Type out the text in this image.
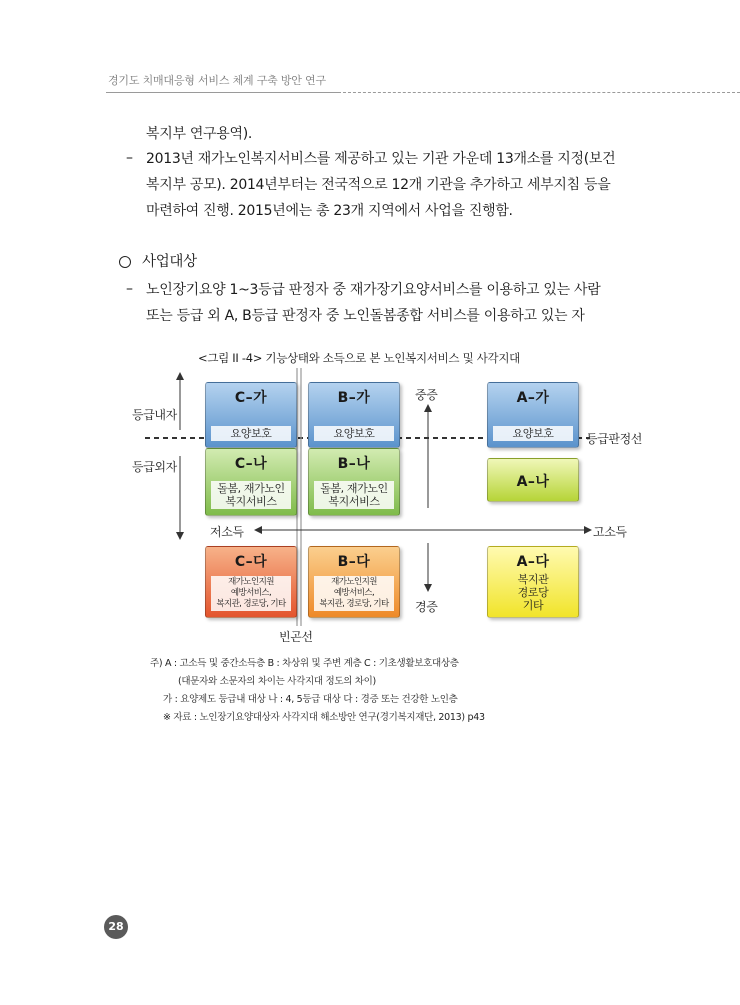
경기도 치매대응형 서비스 체계 구축 방안 연구
복지부 연구용역).
– 2013년 재가노인복지서비스를 제공하고 있는 기관 가운데 13개소를 지정(보건
복지부 공모). 2014년부터는 전국적으로 12개 기관을 추가하고 세부지침 등을
마련하여 진행. 2015년에는 총 23개 지역에서 사업을 진행함.
사업대상
– 노인장기요양 1~3등급 판정자 중 재가장기요양서비스를 이용하고 있는 사람
또는 등급 외 A, B등급 판정자 중 노인돌봄종합 서비스를 이용하고 있는 자
<그림 II -4> 기능상태와 소득으로 본 노인복지서비스 및 사각지대
등급내자
등급외자
등급판정선
저소득	고소득
중증
경증
빈곤선
C–가
요양보호
B–가
요양보호
A–가
요양보호
C–나
돌봄, 재가노인
복지서비스
B–나
돌봄, 재가노인
복지서비스
A–나
C–다
재가노인지원
예방서비스,
복지관, 경로당, 기타
B–다
재가노인지원
예방서비스,
복지관, 경로당, 기타
A–다
복지관
경로당
기타
주) A : 고소득 및 중간소득층 B : 차상위 및 주변 계층 C : 기초생활보호대상층
(대문자와 소문자의 차이는 사각지대 정도의 차이)
가 : 요양제도 등급내 대상 나 : 4, 5등급 대상 다 : 경증 또는 건강한 노인층
※ 자료 : 노인장기요양대상자 사각지대 해소방안 연구(경기복지재단, 2013) p43
28
